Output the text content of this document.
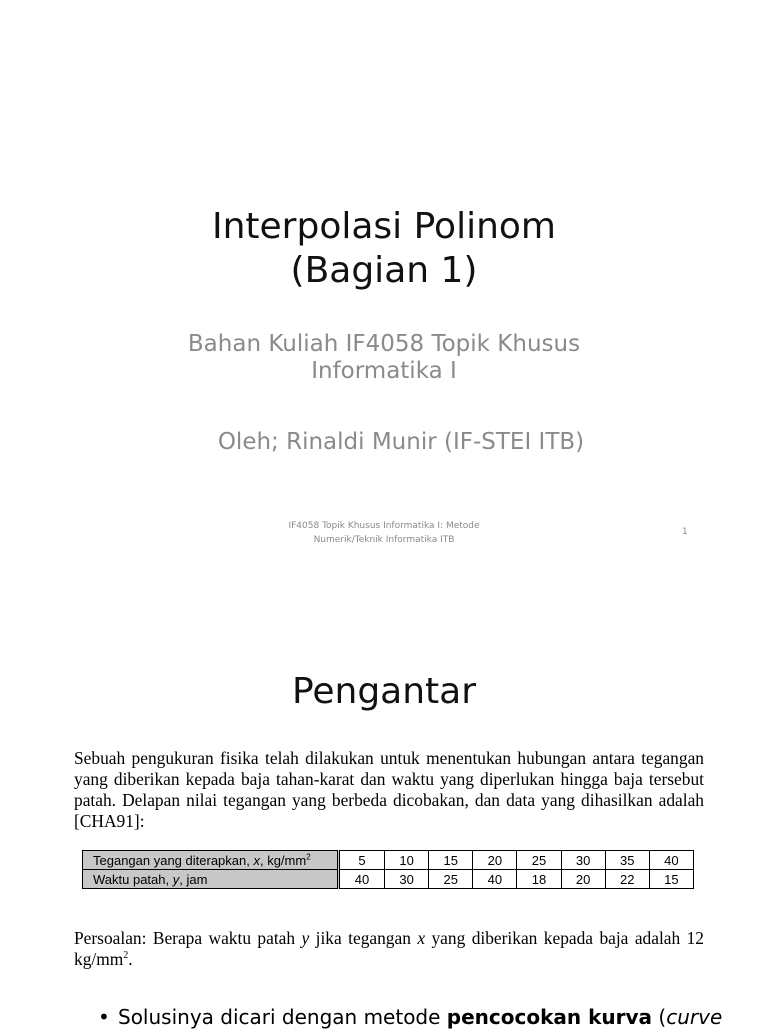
Interpolasi Polinom
(Bagian 1)
Bahan Kuliah IF4058 Topik Khusus
Informatika I
Oleh; Rinaldi Munir (IF-STEI ITB)
IF4058 Topik Khusus Informatika I: Metode
Numerik/Teknik Informatika ITB
1
Pengantar
Sebuah pengukuran fisika telah dilakukan untuk menentukan hubungan antara tegangan yang diberikan kepada baja tahan-karat dan waktu yang diperlukan hingga baja tersebut patah. Delapan nilai tegangan yang berbeda dicobakan, dan data yang dihasilkan adalah [CHA91]:
Tegangan yang diterapkan, x, $kg/mm^2$	5	10	15	20	25	30	35	40
Waktu patah, y, jam	40	30	25	40	18	20	22	15
Persoalan: Berapa waktu patah y jika tegangan x yang diberikan kepada baja adalah 12 $kg/mm^2$.
• Solusinya dicari dengan metode pencocokan kurva (curve
